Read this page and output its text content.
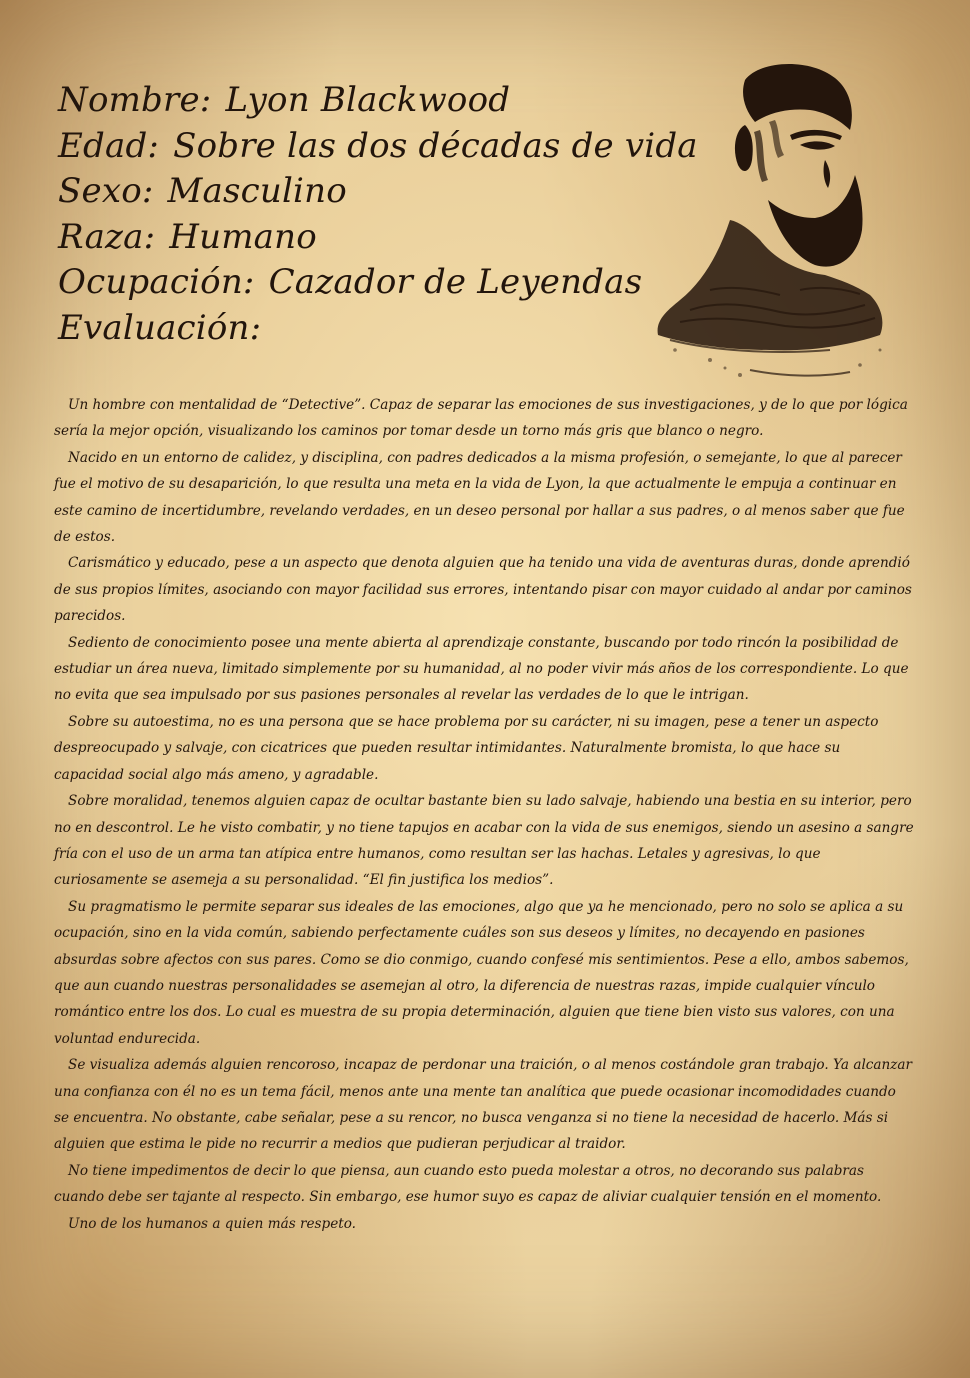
Nombre: Lyon Blackwood
Edad: Sobre las dos décadas de vida
Sexo: Masculino
Raza: Humano
Ocupación: Cazador de Leyendas
Evaluación:

Un hombre con mentalidad de “Detective”. Capaz de separar las emociones de sus investigaciones, y de lo que por lógica sería la mejor opción, visualizando los caminos por tomar desde un torno más gris que blanco o negro.

Nacido en un entorno de calidez, y disciplina, con padres dedicados a la misma profesión, o semejante, lo que al parecer fue el motivo de su desaparición, lo que resulta una meta en la vida de Lyon, la que actualmente le empuja a continuar en este camino de incertidumbre, revelando verdades, en un deseo personal por hallar a sus padres, o al menos saber que fue de estos.

Carismático y educado, pese a un aspecto que denota alguien que ha tenido una vida de aventuras duras, donde aprendió de sus propios límites, asociando con mayor facilidad sus errores, intentando pisar con mayor cuidado al andar por caminos parecidos.

Sediento de conocimiento posee una mente abierta al aprendizaje constante, buscando por todo rincón la posibilidad de estudiar un área nueva, limitado simplemente por su humanidad, al no poder vivir más años de los correspondiente. Lo que no evita que sea impulsado por sus pasiones personales al revelar las verdades de lo que le intrigan.

Sobre su autoestima, no es una persona que se hace problema por su carácter, ni su imagen, pese a tener un aspecto despreocupado y salvaje, con cicatrices que pueden resultar intimidantes. Naturalmente bromista, lo que hace su capacidad social algo más ameno, y agradable.

Sobre moralidad, tenemos alguien capaz de ocultar bastante bien su lado salvaje, habiendo una bestia en su interior, pero no en descontrol. Le he visto combatir, y no tiene tapujos en acabar con la vida de sus enemigos, siendo un asesino a sangre fría con el uso de un arma tan atípica entre humanos, como resultan ser las hachas. Letales y agresivas, lo que curiosamente se asemeja a su personalidad. “El fin justifica los medios”.

Su pragmatismo le permite separar sus ideales de las emociones, algo que ya he mencionado, pero no solo se aplica a su ocupación, sino en la vida común, sabiendo perfectamente cuáles son sus deseos y límites, no decayendo en pasiones absurdas sobre afectos con sus pares. Como se dio conmigo, cuando confesé mis sentimientos. Pese a ello, ambos sabemos, que aun cuando nuestras personalidades se asemejan al otro, la diferencia de nuestras razas, impide cualquier vínculo romántico entre los dos. Lo cual es muestra de su propia determinación, alguien que tiene bien visto sus valores, con una voluntad endurecida.

Se visualiza además alguien rencoroso, incapaz de perdonar una traición, o al menos costándole gran trabajo. Ya alcanzar una confianza con él no es un tema fácil, menos ante una mente tan analítica que puede ocasionar incomodidades cuando se encuentra. No obstante, cabe señalar, pese a su rencor, no busca venganza si no tiene la necesidad de hacerlo. Más si alguien que estima le pide no recurrir a medios que pudieran perjudicar al traidor.

No tiene impedimentos de decir lo que piensa, aun cuando esto pueda molestar a otros, no decorando sus palabras cuando debe ser tajante al respecto. Sin embargo, ese humor suyo es capaz de aliviar cualquier tensión en el momento.

Uno de los humanos a quien más respeto.
